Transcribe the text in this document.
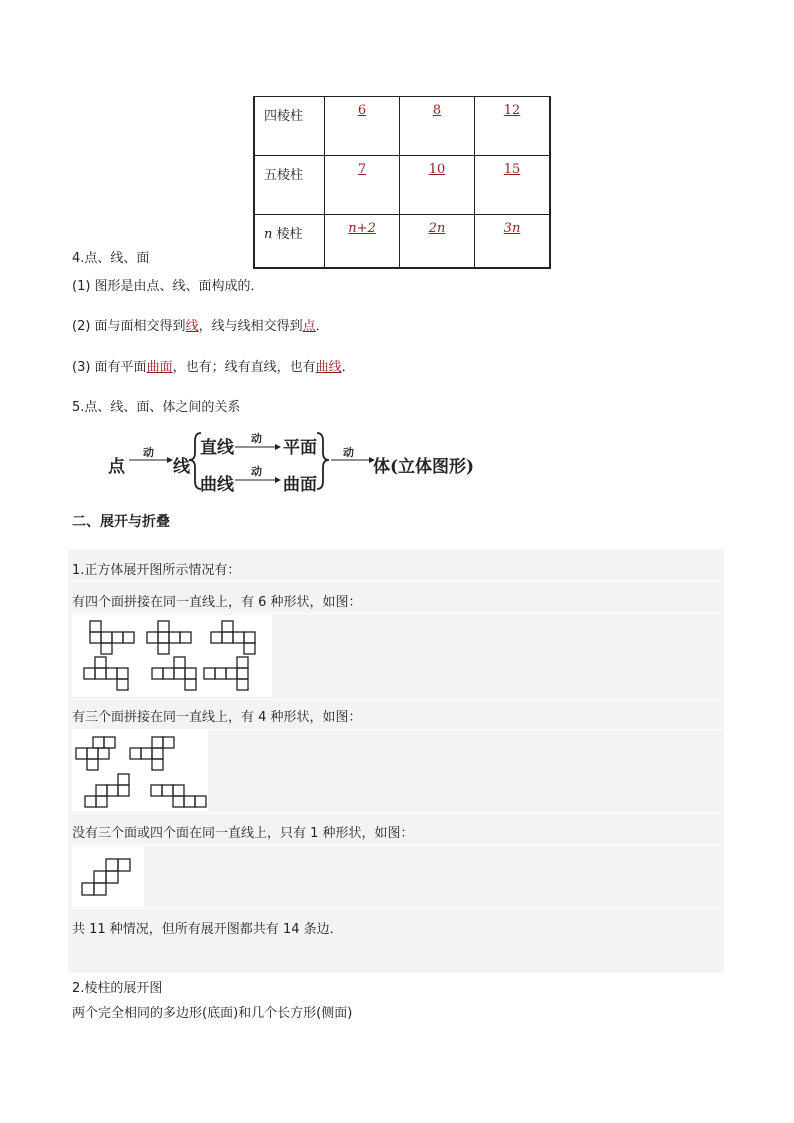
四棱柱	6	8	12
五棱柱	7	10	15
n 棱柱	n+2	2n	3n
4.点、线、面
(1) 图形是由点、线、面构成的．
(2) 面与面相交得到线，线与线相交得到点．
(3) 面有平面曲面，也有；线有直线，也有曲线．
5.点、线、面、体之间的关系
点
动
线
直线 动 平面
曲线
动
曲面
动
体(立体图形)
二、展开与折叠
1.正方体展开图所示情况有：
有四个面拼接在同一直线上，有 6 种形状，如图：
有三个面拼接在同一直线上，有 4 种形状，如图：
没有三个面或四个面在同一直线上，只有 1 种形状，如图：
共 11 种情况，但所有展开图都共有 14 条边．
2.棱柱的展开图
两个完全相同的多边形(底面)和几个长方形(侧面)
